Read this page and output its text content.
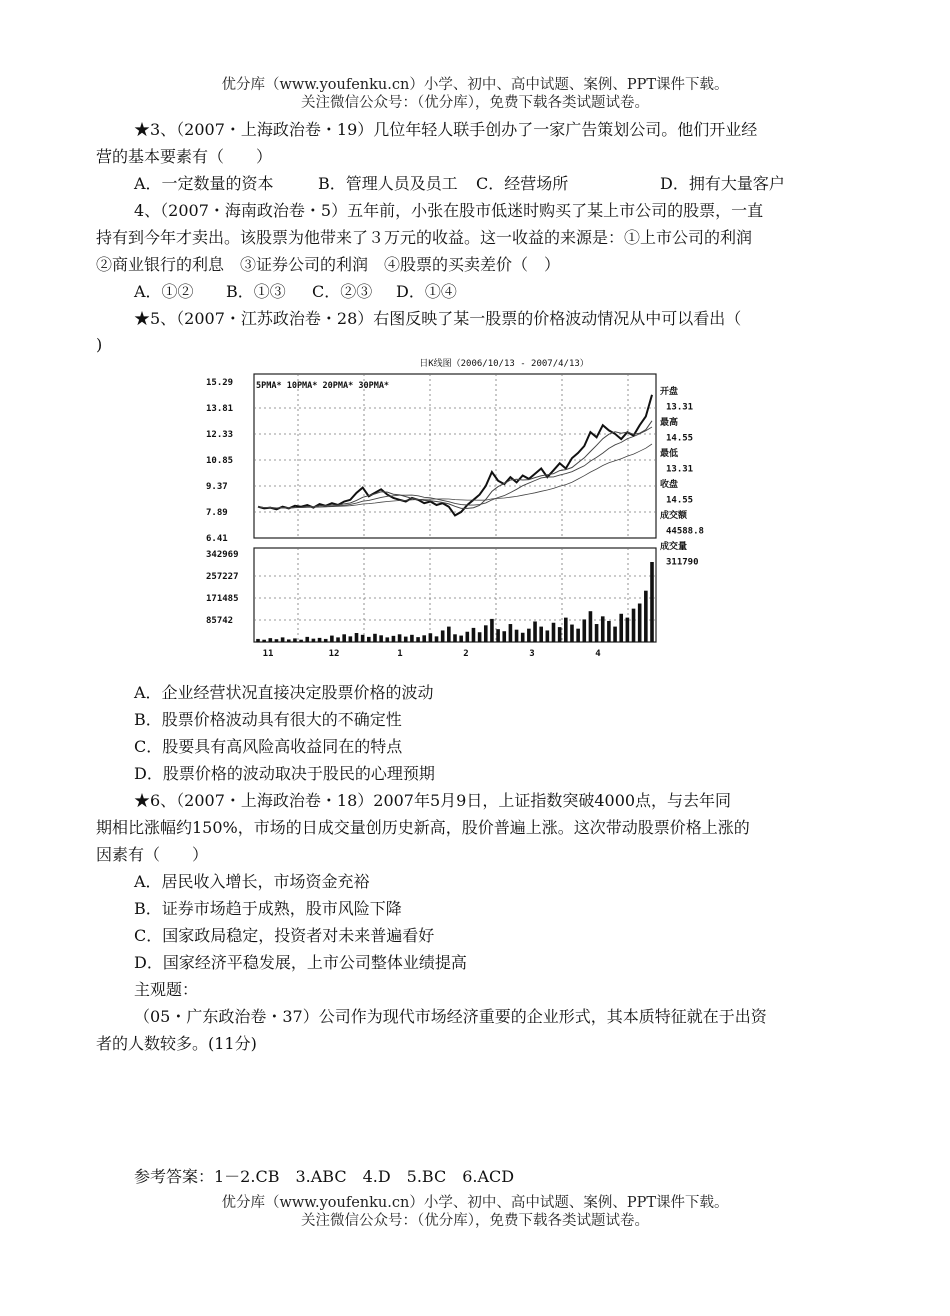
优分库（www.youfenku.cn）小学、初中、高中试题、案例、PPT课件下载。
关注微信公众号：（优分库），免费下载各类试题试卷。
★3、（2007・上海政治卷・19）几位年轻人联手创办了一家广告策划公司。他们开业经
营的基本要素有（　　）
A．一定数量的资本	B．管理人员及员工 C．经营场所	D．拥有大量客户
4、（2007・海南政治卷・5）五年前，小张在股市低迷时购买了某上市公司的股票，一直
持有到今年才卖出。该股票为他带来了３万元的收益。这一收益的来源是：①上市公司的利润
②商业银行的利息　③证券公司的利润　④股票的买卖差价（　）
A．①② B．①③ C．②③ D．①④
★5、（2007・江苏政治卷・28）右图反映了某一股票的价格波动情况从中可以看出（
)
日K线图（2006/10/13 - 2007/4/13）
5PMA* 10PMA* 20PMA* 30PMA*
15.29
13.81
12.33
10.85
9.37
7.89
6.41
342969
257227
171485
85742
11	12	1	2	3	4
开盘
13.31
最高
14.55
最低
13.31
收盘
14.55
成交额
44588.8
成交量
311790
A．企业经营状况直接决定股票价格的波动
B．股票价格波动具有很大的不确定性
C．股要具有高风险高收益同在的特点
D．股票价格的波动取决于股民的心理预期
★6、（2007・上海政治卷・18）2007年5月9日，上证指数突破4000点，与去年同
期相比涨幅约150%，市场的日成交量创历史新高，股价普遍上涨。这次带动股票价格上涨的
因素有（　　）
A．居民收入增长，市场资金充裕
B．证券市场趋于成熟，股市风险下降
C．国家政局稳定，投资者对未来普遍看好
D．国家经济平稳发展，上市公司整体业绩提高
主观题：
（05・广东政治卷・37）公司作为现代市场经济重要的企业形式，其本质特征就在于出资
者的人数较多。(11分)
参考答案：1－2.CB　3.ABC　4.D　5.BC　6.ACD
优分库（www.youfenku.cn）小学、初中、高中试题、案例、PPT课件下载。
关注微信公众号：（优分库），免费下载各类试题试卷。
